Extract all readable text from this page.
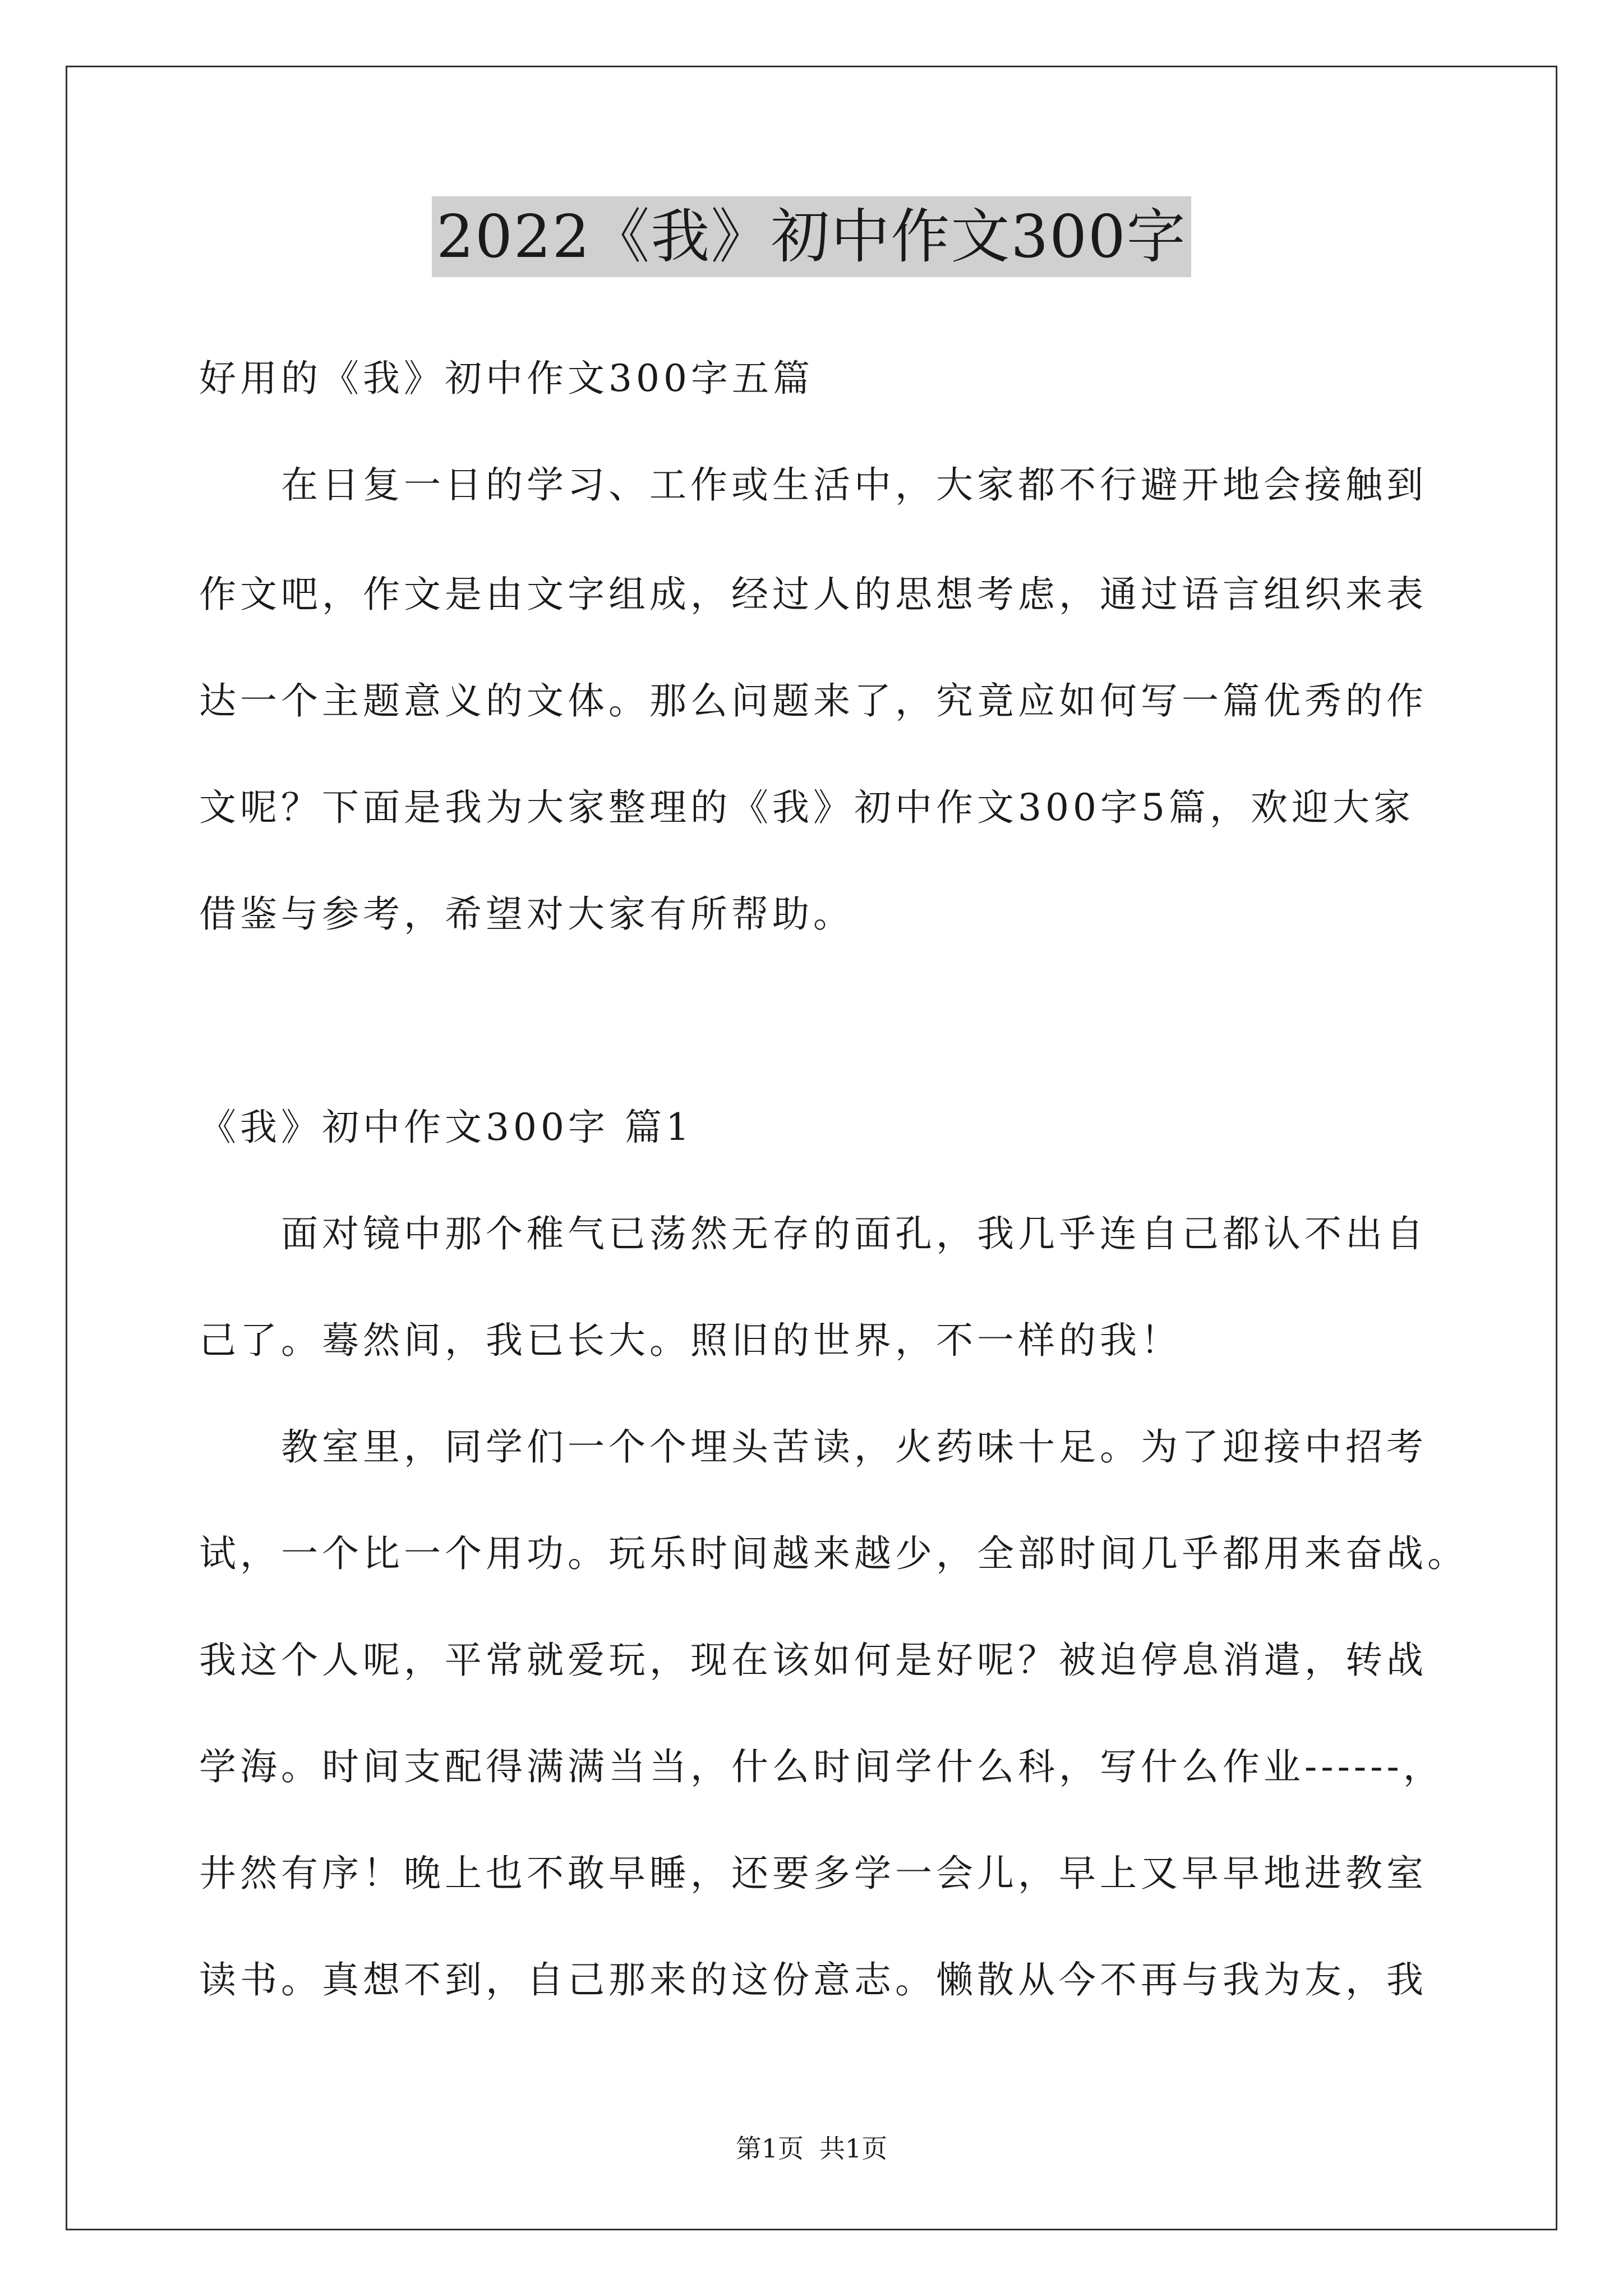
2022《我》初中作文300字
好用的《我》初中作文300字五篇
　　在日复一日的学习、工作或生活中，大家都不行避开地会接触到
作文吧，作文是由文字组成，经过人的思想考虑，通过语言组织来表
达一个主题意义的文体。那么问题来了，究竟应如何写一篇优秀的作
文呢？下面是我为大家整理的《我》初中作文300字5篇，欢迎大家
借鉴与参考，希望对大家有所帮助。
《我》初中作文300字 篇1
　　面对镜中那个稚气已荡然无存的面孔，我几乎连自己都认不出自
己了。蓦然间，我已长大。照旧的世界，不一样的我！
　　教室里，同学们一个个埋头苦读，火药味十足。为了迎接中招考
试，一个比一个用功。玩乐时间越来越少，全部时间几乎都用来奋战。
我这个人呢，平常就爱玩，现在该如何是好呢？被迫停息消遣，转战
学海。时间支配得满满当当，什么时间学什么科，写什么作业------，
井然有序！晚上也不敢早睡，还要多学一会儿，早上又早早地进教室
读书。真想不到，自己那来的这份意志。懒散从今不再与我为友，我
第1页 共1页
